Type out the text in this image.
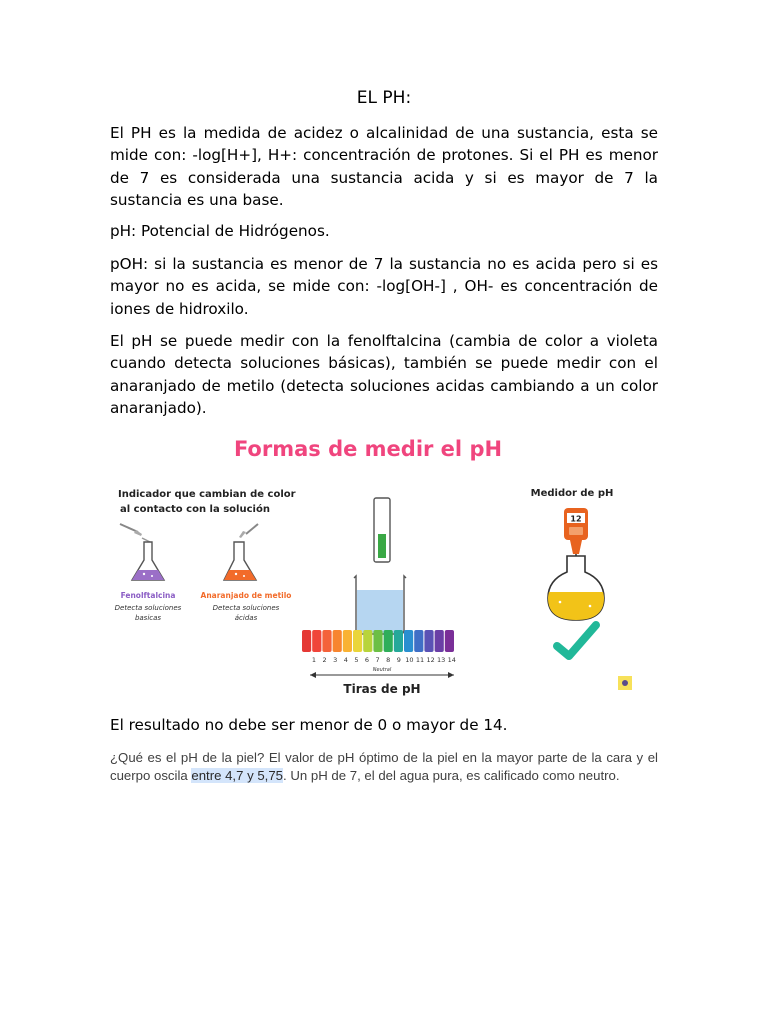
EL PH:

El PH es la medida de acidez o alcalinidad de una sustancia, esta se mide con: -log[H+], H+: concentración de protones. Si el PH es menor de 7 es considerada una sustancia acida y si es mayor de 7 la sustancia es una base.

pH: Potencial de Hidrógenos.

pOH: si la sustancia es menor de 7 la sustancia no es acida pero si es mayor no es acida, se mide con: -log[OH-] , OH- es concentración de iones de hidroxilo.

El pH se puede medir con la fenolftalcina (cambia de color a violeta cuando detecta soluciones básicas), también se puede medir con el anaranjado de metilo (detecta soluciones acidas cambiando a un color anaranjado).

Formas de medir el pH
Indicador que cambian de color
al contacto con la solución
Fenolftalcina
Detecta soluciones
basicas
Anaranjado de metilo
Detecta soluciones
ácidas
1 2 3 4 5 6 7 8 9 10 11 12 13 14
Neutral
Tiras de pH
Medidor de pH
12

El resultado no debe ser menor de 0 o mayor de 14.

¿Qué es el pH de la piel? El valor de pH óptimo de la piel en la mayor parte de la cara y el cuerpo oscila entre 4,7 y 5,75. Un pH de 7, el del agua pura, es calificado como neutro.
